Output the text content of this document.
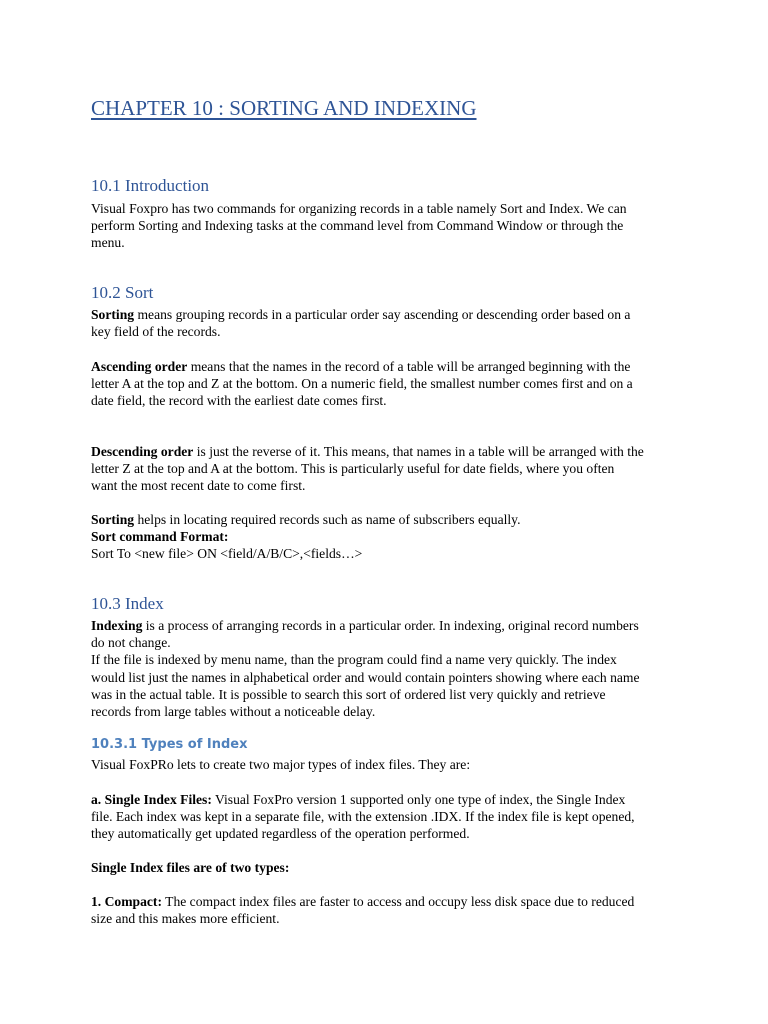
CHAPTER 10 : SORTING AND INDEXING
10.1 Introduction

Visual Foxpro has two commands for organizing records in a table namely Sort and Index. We can
perform Sorting and Indexing tasks at the command level from Command Window or through the
menu.

10.2 Sort

Sorting means grouping records in a particular order say ascending or descending order based on a
key field of the records.

Ascending order means that the names in the record of a table will be arranged beginning with the
letter A at the top and Z at the bottom. On a numeric field, the smallest number comes first and on a
date field, the record with the earliest date comes first.

Descending order is just the reverse of it. This means, that names in a table will be arranged with the
letter Z at the top and A at the bottom. This is particularly useful for date fields, where you often
want the most recent date to come first.

Sorting helps in locating required records such as name of subscribers equally.
Sort command Format:
Sort To <new file> ON <field/A/B/C>,<fields…>

10.3 Index

Indexing is a process of arranging records in a particular order. In indexing, original record numbers
do not change.
If the file is indexed by menu name, than the program could find a name very quickly. The index
would list just the names in alphabetical order and would contain pointers showing where each name
was in the actual table. It is possible to search this sort of ordered list very quickly and retrieve
records from large tables without a noticeable delay.

10.3.1 Types of Index

Visual FoxPRo lets to create two major types of index files. They are:

a. Single Index Files: Visual FoxPro version 1 supported only one type of index, the Single Index
file. Each index was kept in a separate file, with the extension .IDX. If the index file is kept opened,
they automatically get updated regardless of the operation performed.

Single Index files are of two types:

1. Compact: The compact index files are faster to access and occupy less disk space due to reduced
size and this makes more efficient.
